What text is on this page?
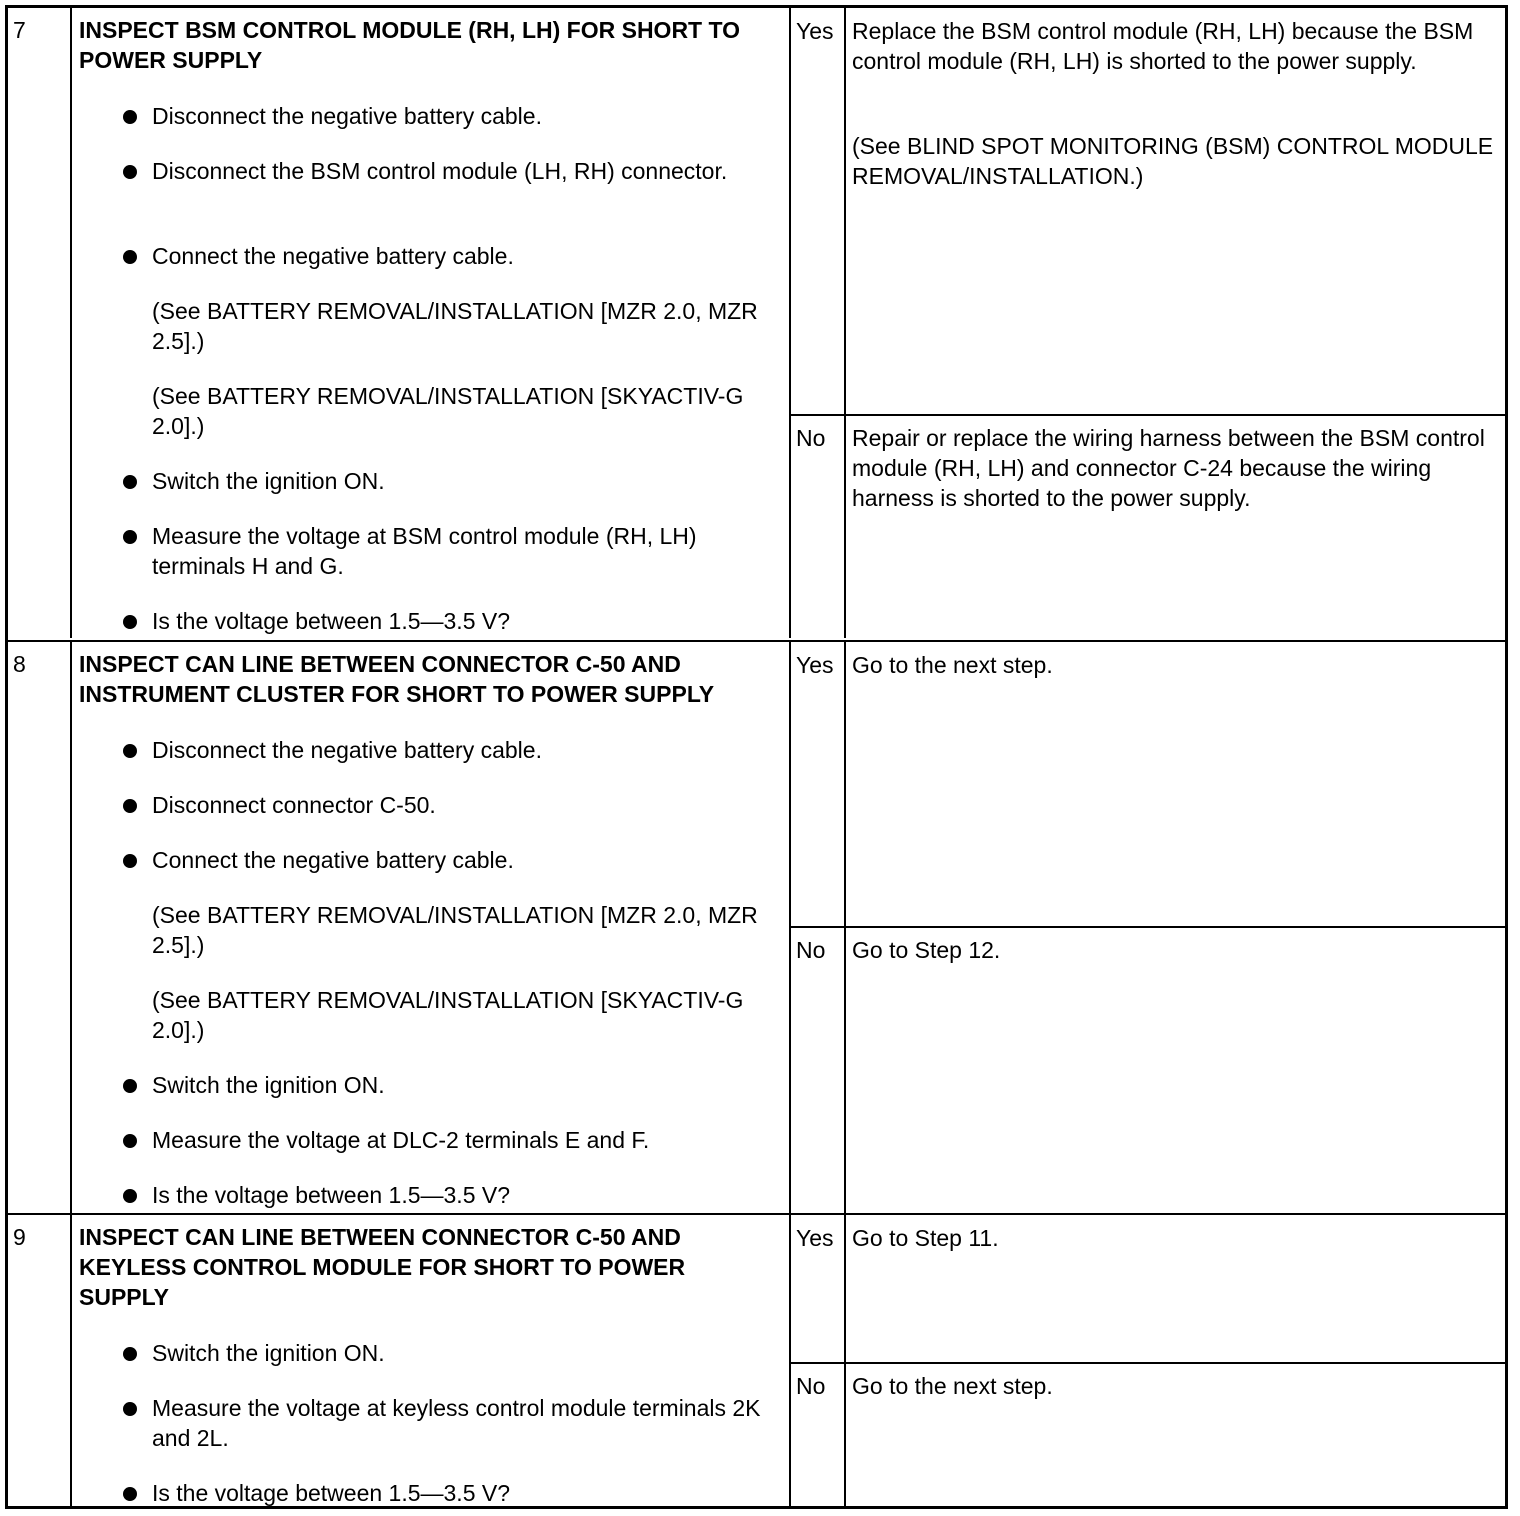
7 INSPECT BSM CONTROL MODULE (RH, LH) FOR SHORT TO POWER SUPPLY

Disconnect the negative battery cable.

Disconnect the BSM control module (LH, RH) connector.

Connect the negative battery cable.

(See BATTERY REMOVAL/INSTALLATION [MZR 2.0, MZR 2.5].)

(See BATTERY REMOVAL/INSTALLATION [SKYACTIV-G 2.0].)

Switch the ignition ON.

Measure the voltage at BSM control module (RH, LH) terminals H and G.

Is the voltage between 1.5—3.5 V?

Yes Replace the BSM control module (RH, LH) because the BSM control module (RH, LH) is shorted to the power supply.

(See BLIND SPOT MONITORING (BSM) CONTROL MODULE REMOVAL/INSTALLATION.)

No Repair or replace the wiring harness between the BSM control module (RH, LH) and connector C-24 because the wiring harness is shorted to the power supply.

8 INSPECT CAN LINE BETWEEN CONNECTOR C-50 AND INSTRUMENT CLUSTER FOR SHORT TO POWER SUPPLY

Disconnect the negative battery cable.

Disconnect connector C-50.

Connect the negative battery cable.

(See BATTERY REMOVAL/INSTALLATION [MZR 2.0, MZR 2.5].)

(See BATTERY REMOVAL/INSTALLATION [SKYACTIV-G 2.0].)

Switch the ignition ON.

Measure the voltage at DLC-2 terminals E and F.

Is the voltage between 1.5—3.5 V?

Yes Go to the next step.

No Go to Step 12.

9 INSPECT CAN LINE BETWEEN CONNECTOR C-50 AND KEYLESS CONTROL MODULE FOR SHORT TO POWER SUPPLY

Switch the ignition ON.

Measure the voltage at keyless control module terminals 2K and 2L.

Is the voltage between 1.5—3.5 V?

Yes Go to Step 11.

No Go to the next step.
